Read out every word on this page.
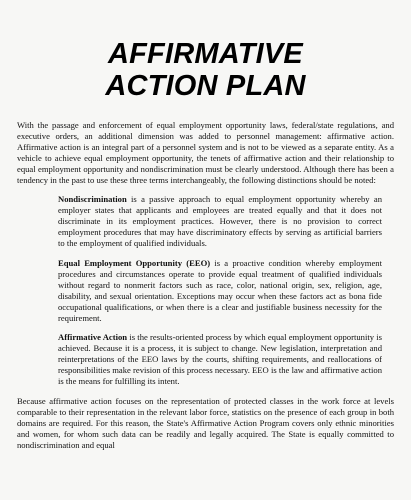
AFFIRMATIVE
ACTION PLAN

With the passage and enforcement of equal employment opportunity laws, federal/state regulations, and executive orders, an additional dimension was added to personnel management: affirmative action. Affirmative action is an integral part of a personnel system and is not to be viewed as a separate entity. As a vehicle to achieve equal employment opportunity, the tenets of affirmative action and their relationship to equal employment opportunity and nondiscrimination must be clearly understood. Although there has been a tendency in the past to use these three terms interchangeably, the following distinctions should be noted:

Nondiscrimination is a passive approach to equal employment opportunity whereby an employer states that applicants and employees are treated equally and that it does not discriminate in its employment practices. However, there is no provision to correct employment procedures that may have discriminatory effects by serving as artificial barriers to the employment of qualified individuals.

Equal Employment Opportunity (EEO) is a proactive condition whereby employment procedures and circumstances operate to provide equal treatment of qualified individuals without regard to nonmerit factors such as race, color, national origin, sex, religion, age, disability, and sexual orientation. Exceptions may occur when these factors act as bona fide occupational qualifications, or when there is a clear and justifiable business necessity for the requirement.

Affirmative Action is the results-oriented process by which equal employment opportunity is achieved. Because it is a process, it is subject to change. New legislation, interpretation and reinterpretations of the EEO laws by the courts, shifting requirements, and reallocations of responsibilities make revision of this process necessary. EEO is the law and affirmative action is the means for fulfilling its intent.

Because affirmative action focuses on the representation of protected classes in the work force at levels comparable to their representation in the relevant labor force, statistics on the presence of each group in both domains are required. For this reason, the State's Affirmative Action Program covers only ethnic minorities and women, for whom such data can be readily and legally acquired. The State is equally committed to nondiscrimination and equal
